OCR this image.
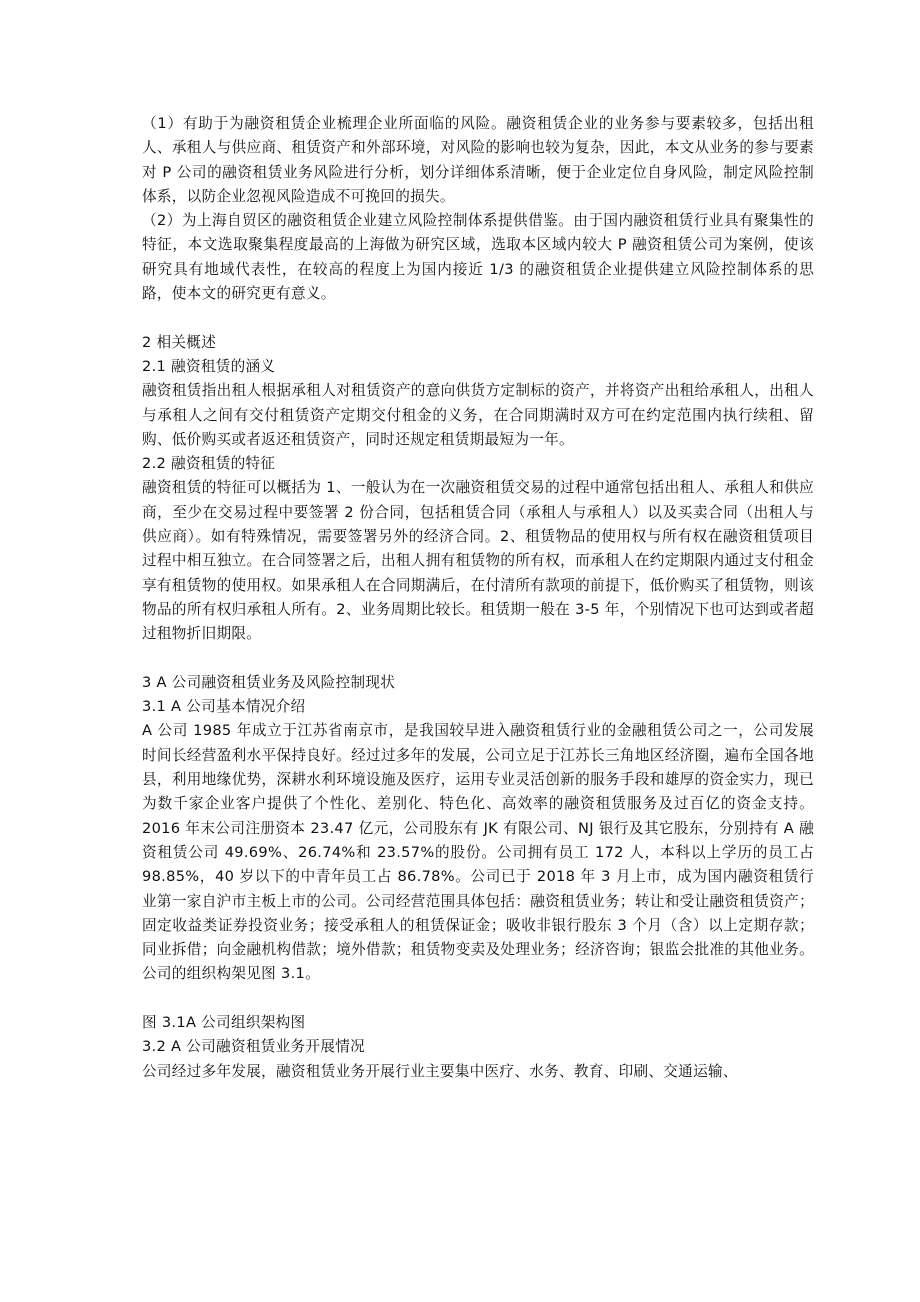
（1）有助于为融资租赁企业梳理企业所面临的风险。融资租赁企业的业务参与要素较多，包括出租人、承租人与供应商、租赁资产和外部环境，对风险的影响也较为复杂，因此，本文从业务的参与要素对 P 公司的融资租赁业务风险进行分析，划分详细体系清晰，便于企业定位自身风险，制定风险控制体系，以防企业忽视风险造成不可挽回的损失。

（2）为上海自贸区的融资租赁企业建立风险控制体系提供借鉴。由于国内融资租赁行业具有聚集性的特征，本文选取聚集程度最高的上海做为研究区域，选取本区域内较大 P 融资租赁公司为案例，使该研究具有地域代表性，在较高的程度上为国内接近 1/3 的融资租赁企业提供建立风险控制体系的思路，使本文的研究更有意义。

2 相关概述

2.1 融资租赁的涵义

融资租赁指出租人根据承租人对租赁资产的意向供货方定制标的资产，并将资产出租给承租人，出租人与承租人之间有交付租赁资产定期交付租金的义务，在合同期满时双方可在约定范围内执行续租、留购、低价购买或者返还租赁资产，同时还规定租赁期最短为一年。

2.2 融资租赁的特征

融资租赁的特征可以概括为 1、一般认为在一次融资租赁交易的过程中通常包括出租人、承租人和供应商，至少在交易过程中要签署 2 份合同，包括租赁合同（承租人与承租人）以及买卖合同（出租人与供应商）。如有特殊情况，需要签署另外的经济合同。2、租赁物品的使用权与所有权在融资租赁项目过程中相互独立。在合同签署之后，出租人拥有租赁物的所有权，而承租人在约定期限内通过支付租金享有租赁物的使用权。如果承租人在合同期满后，在付清所有款项的前提下，低价购买了租赁物，则该物品的所有权归承租人所有。2、业务周期比较长。租赁期一般在 3-5 年，个别情况下也可达到或者超过租物折旧期限。

3 A 公司融资租赁业务及风险控制现状

3.1 A 公司基本情况介绍

A 公司 1985 年成立于江苏省南京市，是我国较早进入融资租赁行业的金融租赁公司之一，公司发展时间长经营盈利水平保持良好。经过过多年的发展，公司立足于江苏长三角地区经济圈，遍布全国各地县，利用地缘优势，深耕水利环境设施及医疗，运用专业灵活创新的服务手段和雄厚的资金实力，现已为数千家企业客户提供了个性化、差别化、特色化、高效率的融资租赁服务及过百亿的资金支持。2016 年末公司注册资本 23.47 亿元，公司股东有 JK 有限公司、NJ 银行及其它股东，分别持有 A 融资租赁公司 49.69%、26.74%和 23.57%的股份。公司拥有员工 172 人，本科以上学历的员工占 98.85%，40 岁以下的中青年员工占 86.78%。公司已于 2018 年 3 月上市，成为国内融资租赁行业第一家自沪市主板上市的公司。公司经营范围具体包括：融资租赁业务；转让和受让融资租赁资产；固定收益类证券投资业务；接受承租人的租赁保证金；吸收非银行股东 3 个月（含）以上定期存款；同业拆借；向金融机构借款；境外借款；租赁物变卖及处理业务；经济咨询；银监会批准的其他业务。公司的组织构架见图 3.1。

图 3.1A 公司组织架构图

3.2 A 公司融资租赁业务开展情况

公司经过多年发展，融资租赁业务开展行业主要集中医疗、水务、教育、印刷、交通运输、
